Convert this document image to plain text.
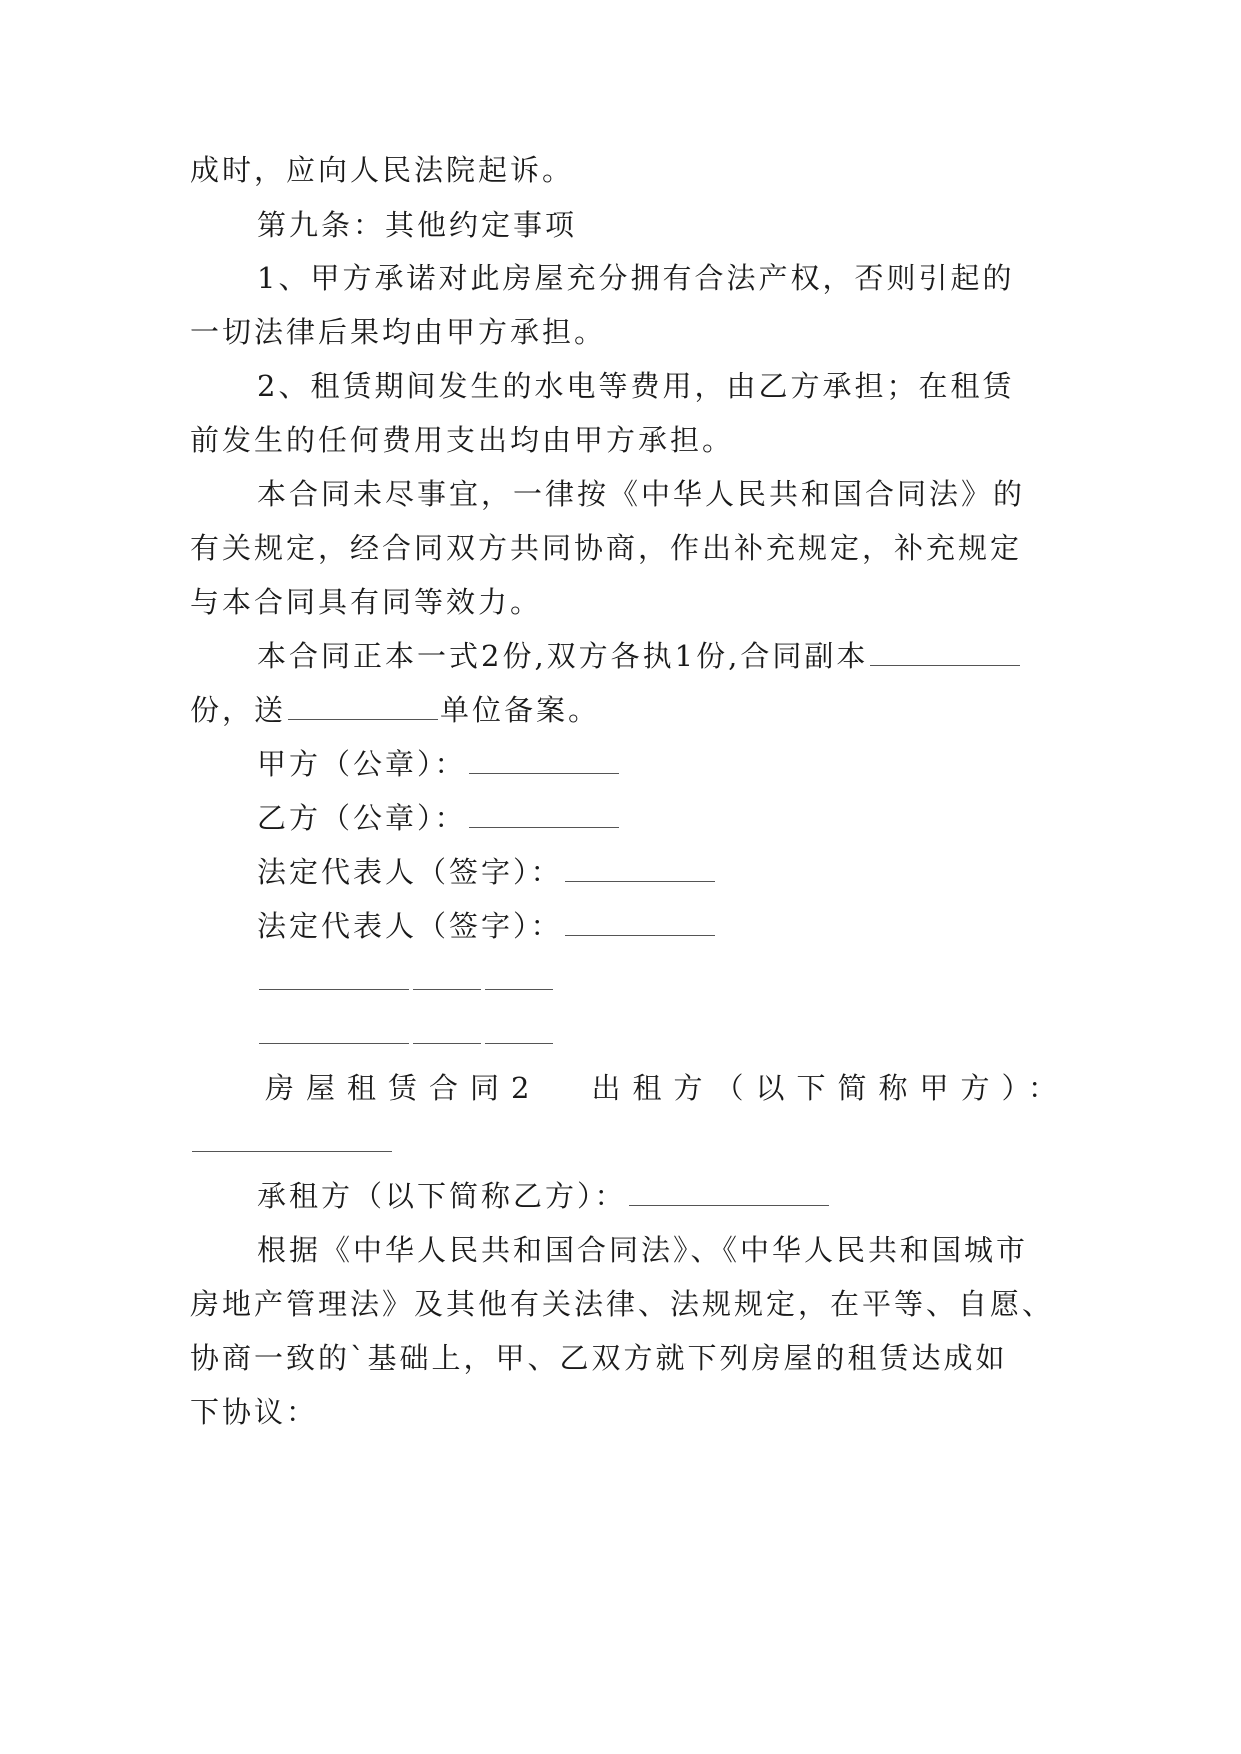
成时，应向人民法院起诉。
第九条：其他约定事项
1、甲方承诺对此房屋充分拥有合法产权，否则引起的
一切法律后果均由甲方承担。
2、租赁期间发生的水电等费用，由乙方承担；在租赁
前发生的任何费用支出均由甲方承担。
本合同未尽事宜，一律按《中华人民共和国合同法》的
有关规定，经合同双方共同协商，作出补充规定，补充规定
与本合同具有同等效力。
本合同正本一式2份,双方各执1份,合同副本
份，送	单位备案。
甲方（公章）：
乙方（公章）：
法定代表人（签字）：
法定代表人（签字）：
房屋租赁合同2 出租方（以下简称甲方）：
承租方（以下简称乙方）：
根据《中华人民共和国合同法》、《中华人民共和国城市
房地产管理法》及其他有关法律、法规规定，在平等、自愿、
协商一致的`基础上，甲、乙双方就下列房屋的租赁达成如
下协议：
